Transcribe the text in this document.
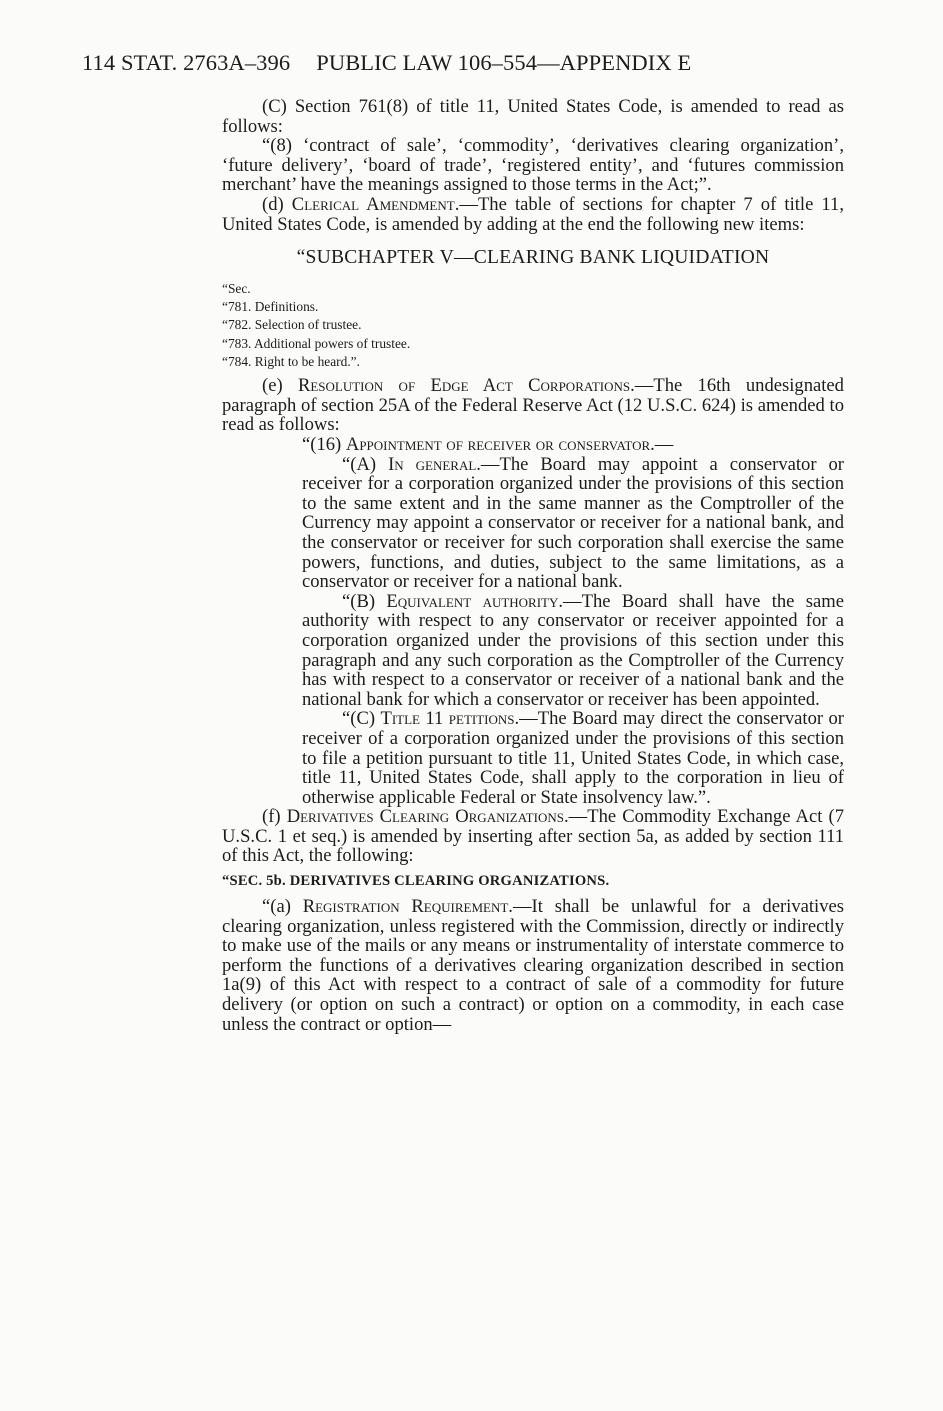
114 STAT. 2763A–396 PUBLIC LAW 106–554—APPENDIX E

(C) Section 761(8) of title 11, United States Code, is amended to read as follows:

“(8) ‘contract of sale’, ‘commodity’, ‘derivatives clearing organization’, ‘future delivery’, ‘board of trade’, ‘registered entity’, and ‘futures commission merchant’ have the meanings assigned to those terms in the Act;”.

(d) Clerical Amendment.—The table of sections for chapter 7 of title 11, United States Code, is amended by adding at the end the following new items:

“SUBCHAPTER V—CLEARING BANK LIQUIDATION

“Sec.

“781. Definitions.
“782. Selection of trustee.
“783. Additional powers of trustee.
“784. Right to be heard.”.

(e) Resolution of Edge Act Corporations.—The 16th undesignated paragraph of section 25A of the Federal Reserve Act (12 U.S.C. 624) is amended to read as follows:

“(16) Appointment of receiver or conservator.—

“(A) In general.—The Board may appoint a conservator or receiver for a corporation organized under the provisions of this section to the same extent and in the same manner as the Comptroller of the Currency may appoint a conservator or receiver for a national bank, and the conservator or receiver for such corporation shall exercise the same powers, functions, and duties, subject to the same limitations, as a conservator or receiver for a national bank.

“(B) Equivalent authority.—The Board shall have the same authority with respect to any conservator or receiver appointed for a corporation organized under the provisions of this section under this paragraph and any such corporation as the Comptroller of the Currency has with respect to a conservator or receiver of a national bank and the national bank for which a conservator or receiver has been appointed.

“(C) Title 11 petitions.—The Board may direct the conservator or receiver of a corporation organized under the provisions of this section to file a petition pursuant to title 11, United States Code, in which case, title 11, United States Code, shall apply to the corporation in lieu of otherwise applicable Federal or State insolvency law.”.

(f) Derivatives Clearing Organizations.—The Commodity Exchange Act (7 U.S.C. 1 et seq.) is amended by inserting after section 5a, as added by section 111 of this Act, the following:

“SEC. 5b. DERIVATIVES CLEARING ORGANIZATIONS.

“(a) Registration Requirement.—It shall be unlawful for a derivatives clearing organization, unless registered with the Commission, directly or indirectly to make use of the mails or any means or instrumentality of interstate commerce to perform the functions of a derivatives clearing organization described in section 1a(9) of this Act with respect to a contract of sale of a commodity for future delivery (or option on such a contract) or option on a commodity, in each case unless the contract or option—
